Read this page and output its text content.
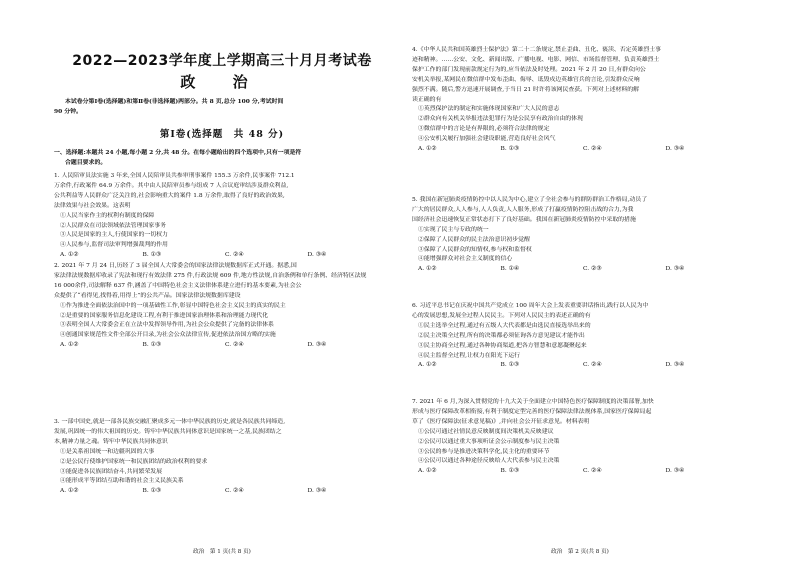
2022—2023学年度上学期高三十月月考试卷
政 治

本试卷分第Ⅰ卷(选择题)和第Ⅱ卷(非选择题)两部分。共 8 页,总分 100 分,考试时间

90 分钟。

第Ⅰ卷(选择题　共 48 分)

一、选择题:本题共 24 小题,每小题 2 分,共 48 分。在每小题给出的四个选项中,只有一项是符

合题目要求的。

1. 人民陪审员法实施 3 年来,全国人民陪审员共参审刑事案件 155.3 万余件,民事案件 712.1

万余件,行政案件 64.9 万余件。其中由人民陪审员参与组成 7 人合议庭审结涉及群众利益,

公共利益等人民群众广泛关注的,社会影响重大的案件 1.8 万余件,取得了良好的政治效果,

法律效果与社会效果。这表明

①人民当家作主的权利有制度的保障

②人民群众在司法领域依法管理国家事务

③人民是国家的主人,行使国家的一切权力

④人民参与,监督司法审判增强裁判的作用

A. ①②	B. ①③	C. ②④	D. ③④

2. 2021 年 7 月 24 日,历经了 3 届全国人大常委会的国家法律法规数据库正式开通。据悉,国

家法律法规数据库收录了宪法和现行有效法律 275 件,行政法规 609 件,地方性法规,自治条例和单行条例、经济特区法规

16 000余件,司法解释 637 件,涵盖了中国特色社会主义法律体系建立进行的基本要素,为社会公

众提供了“看得见,找得着,用得上”的公共产品。国家法律法规数据库建设

①作为推进全面依法治国中的一项基础性工作,彰显中国特色社会主义民主的真实的民主

②是重要的国家服务信息化建设工程,有利于推进国家治理体系和治理能力现代化

③表明全国人大常委会正在立法中发挥领导作用,为社会公众提供了完备的法律体系

④创通国家规范性文件全部公开目录,为社会公众法律宣传,促进依法治国方略的实施

A. ①②	B. ①③	C. ②④	D. ③④

3. 一部中国史,就是一部各民族交融汇聚成多元一体中华民族的历史,就是各民族共同缔造,

发展,巩固统一的伟大祖国的历史。铸牢中华民族共同体意识是国家统一之基,民族团结之

本,精神力量之魂。铸牢中华民族共同体意识

①是关系祖国统一和边疆巩固的大事

②是公民行使维护国家统一和民族团结的政治权利的要求

③能促进各民族团结奋斗,共同繁荣发展

④能形成平等团结互助和谐的社会主义民族关系

A. ①②	B. ①③	C. ②④	D. ③④
政治　第 1 页(共 8 页)

4.《中华人民共和国英雄烈士保护法》第二十二条规定,禁止歪曲、丑化、亵渎、否定英雄烈士事

迹和精神。……公安、文化、新闻出版、广播电视、电影、网信、市场监督管理、负责英雄烈士

保护工作的部门发现前款规定行为的,应当依法及时处理。2021 年 2 月 20 日,有群众向公

安机关举报,某网民在微信群中发布歪曲、侮辱、诋毁戍边英雄官兵的言论,引发群众反响

强烈不满。随后,警方迅速开展调查,于当日 21 时许将该网民查获。下列对上述材料的解

读正确的有

①英烈保护法的制定和实施体现国家和广大人民的意志

②群众向有关机关举报违法犯罪行为是公民享有政治自由的体现

③微信群中的言论是有界限的,必须符合法律的规定

④公安机关履行加强社会建设职能,营造良好社会风气

A. ①②	B. ①③	C. ②④	D. ③④

5. 我国在新冠肺炎疫情防控中以人民为中心,建立了全社会参与的群防群治工作格局,动员了

广大的居民群众,人人参与,人人负责,人人服务,形成了打赢疫情防控阻击战的合力,为我

国经济社会迅速恢复正常状态打下了良好基础。我国在新冠肺炎疫情防控中采取的措施

①实现了民主与专政的统一

②保障了人民群众的民主法治意识初步觉醒

③保障了人民群众的知情权,参与权和监督权

④能增强群众对社会主义制度的信心

A. ①②	B. ①④	C. ②③	D. ③④

6. 习近平总书记在庆祝中国共产党成立 100 周年大会上发表重要讲话指出,践行以人民为中

心的发展思想,发展全过程人民民主。下列对人民民主的表述正确的有

①民主选举全过程,通过有五级人大代表都是由选民直接选举出来的

②民主决策全过程,所有的决策都必须征询各方意见建议才能作出

③民主协商全过程,通过各种协商渠道,把各方智慧和意愿凝聚起来

④民主监督全过程,让权力在阳光下运行

A. ①②	B. ①③	C. ②④	D. ③④

7. 2021 年 6 月,为深入贯彻党的十九大关于全面建立中国特色医疗保障制度的决策部署,加快

形成与医疗保障改革相衔接,有利于制度定型完善的医疗保障法律法规体系,国家医疗保障局起

草了《医疗保障法(征求意见稿)》,并向社会公开征求意见。材料表明

①公民可通过社情民意反映制度间决策机关反映建议

②公民可以通过重大事项听证会公示制度参与民主决策

③公民的参与是推进决策科学化,民主化的重要环节

④公民可以通过各种途径反映给人大代表参与民主决策

A. ①②	B. ①③	C. ②④	D. ③④
政治　第 2 页(共 8 页)
